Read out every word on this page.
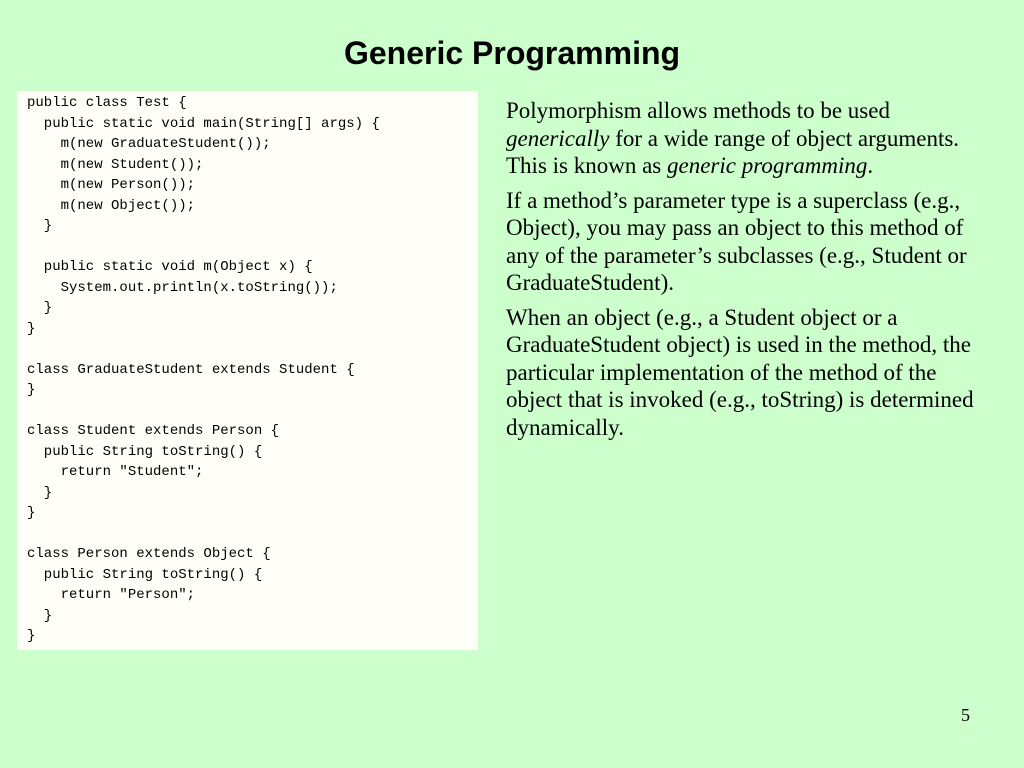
Generic Programming
public class Test {
public static void main(String[] args) {
m(new GraduateStudent());
m(new Student());
m(new Person());
m(new Object());
}
public static void m(Object x) {
System.out.println(x.toString());
}
}
class GraduateStudent extends Student {
}
class Student extends Person {
public String toString() {
return "Student";
}
}
class Person extends Object {
public String toString() {
return "Person";
}
}

Polymorphism allows methods to be used generically for a wide range of object arguments. This is known as generic programming.

If a method’s parameter type is a superclass (e.g., Object), you may pass an object to this method of any of the parameter’s subclasses (e.g., Student or GraduateStudent).

When an object (e.g., a Student object or a GraduateStudent object) is used in the method, the particular implementation of the method of the object that is invoked (e.g., toString) is determined dynamically.

5
